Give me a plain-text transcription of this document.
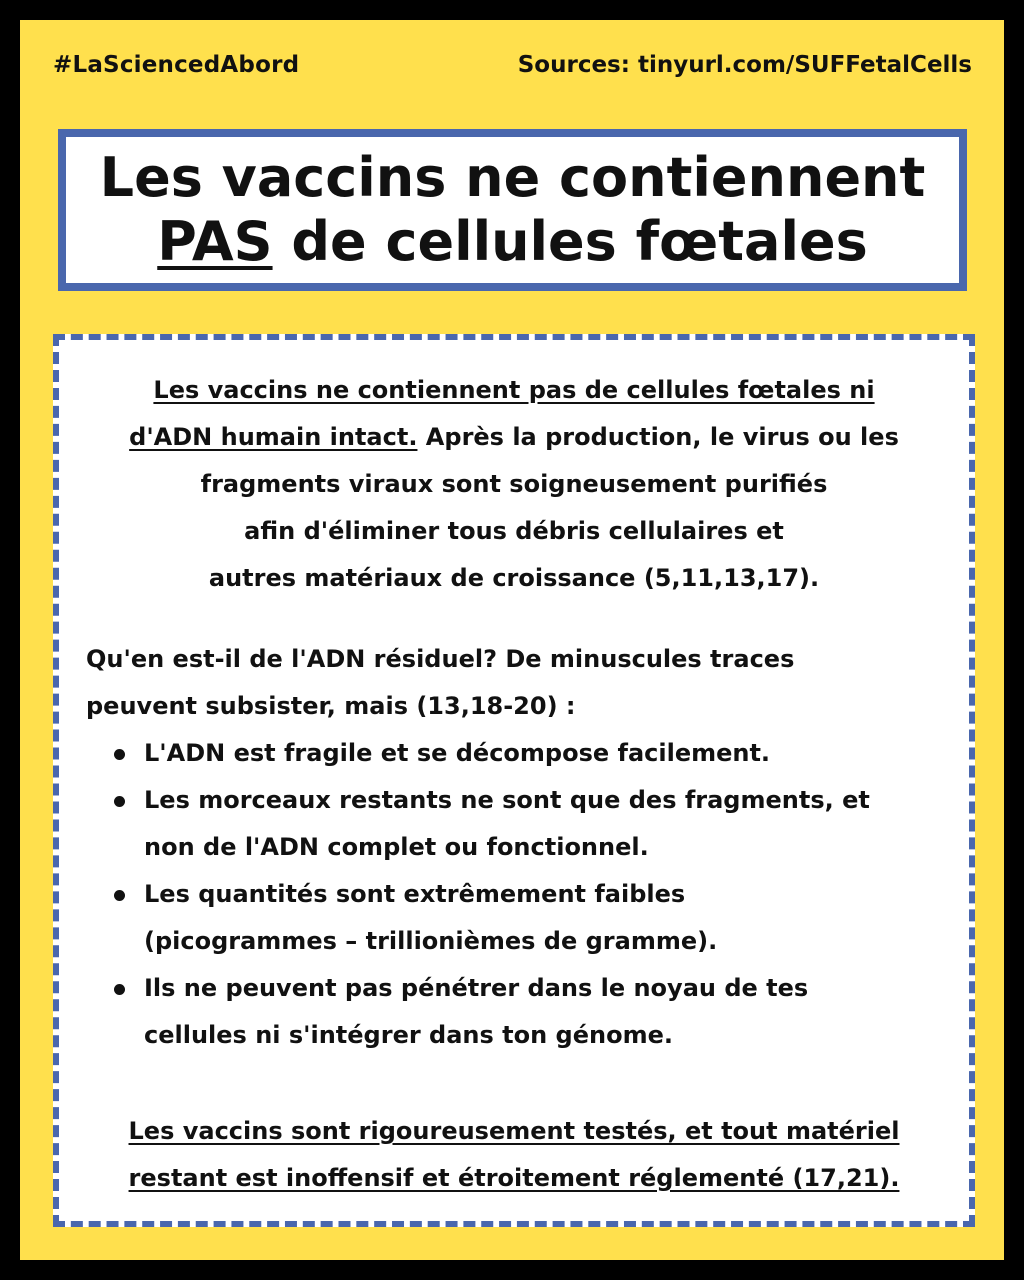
#LaSciencedAbord	Sources: tinyurl.com/SUFFetalCells
Les vaccins ne contiennent
PAS de cellules fœtales
Les vaccins ne contiennent pas de cellules fœtales ni
d'ADN humain intact. Après la production, le virus ou les
fragments viraux sont soigneusement purifiés
afin d'éliminer tous débris cellulaires et
autres matériaux de croissance (5,11,13,17).
Qu'en est-il de l'ADN résiduel? De minuscules traces
peuvent subsister, mais (13,18-20) :
L'ADN est fragile et se décompose facilement.
Les morceaux restants ne sont que des fragments, et
non de l'ADN complet ou fonctionnel.
Les quantités sont extrêmement faibles
(picogrammes – trillionièmes de gramme).
Ils ne peuvent pas pénétrer dans le noyau de tes
cellules ni s'intégrer dans ton génome.
Les vaccins sont rigoureusement testés, et tout matériel
restant est inoffensif et étroitement réglementé (17,21).
